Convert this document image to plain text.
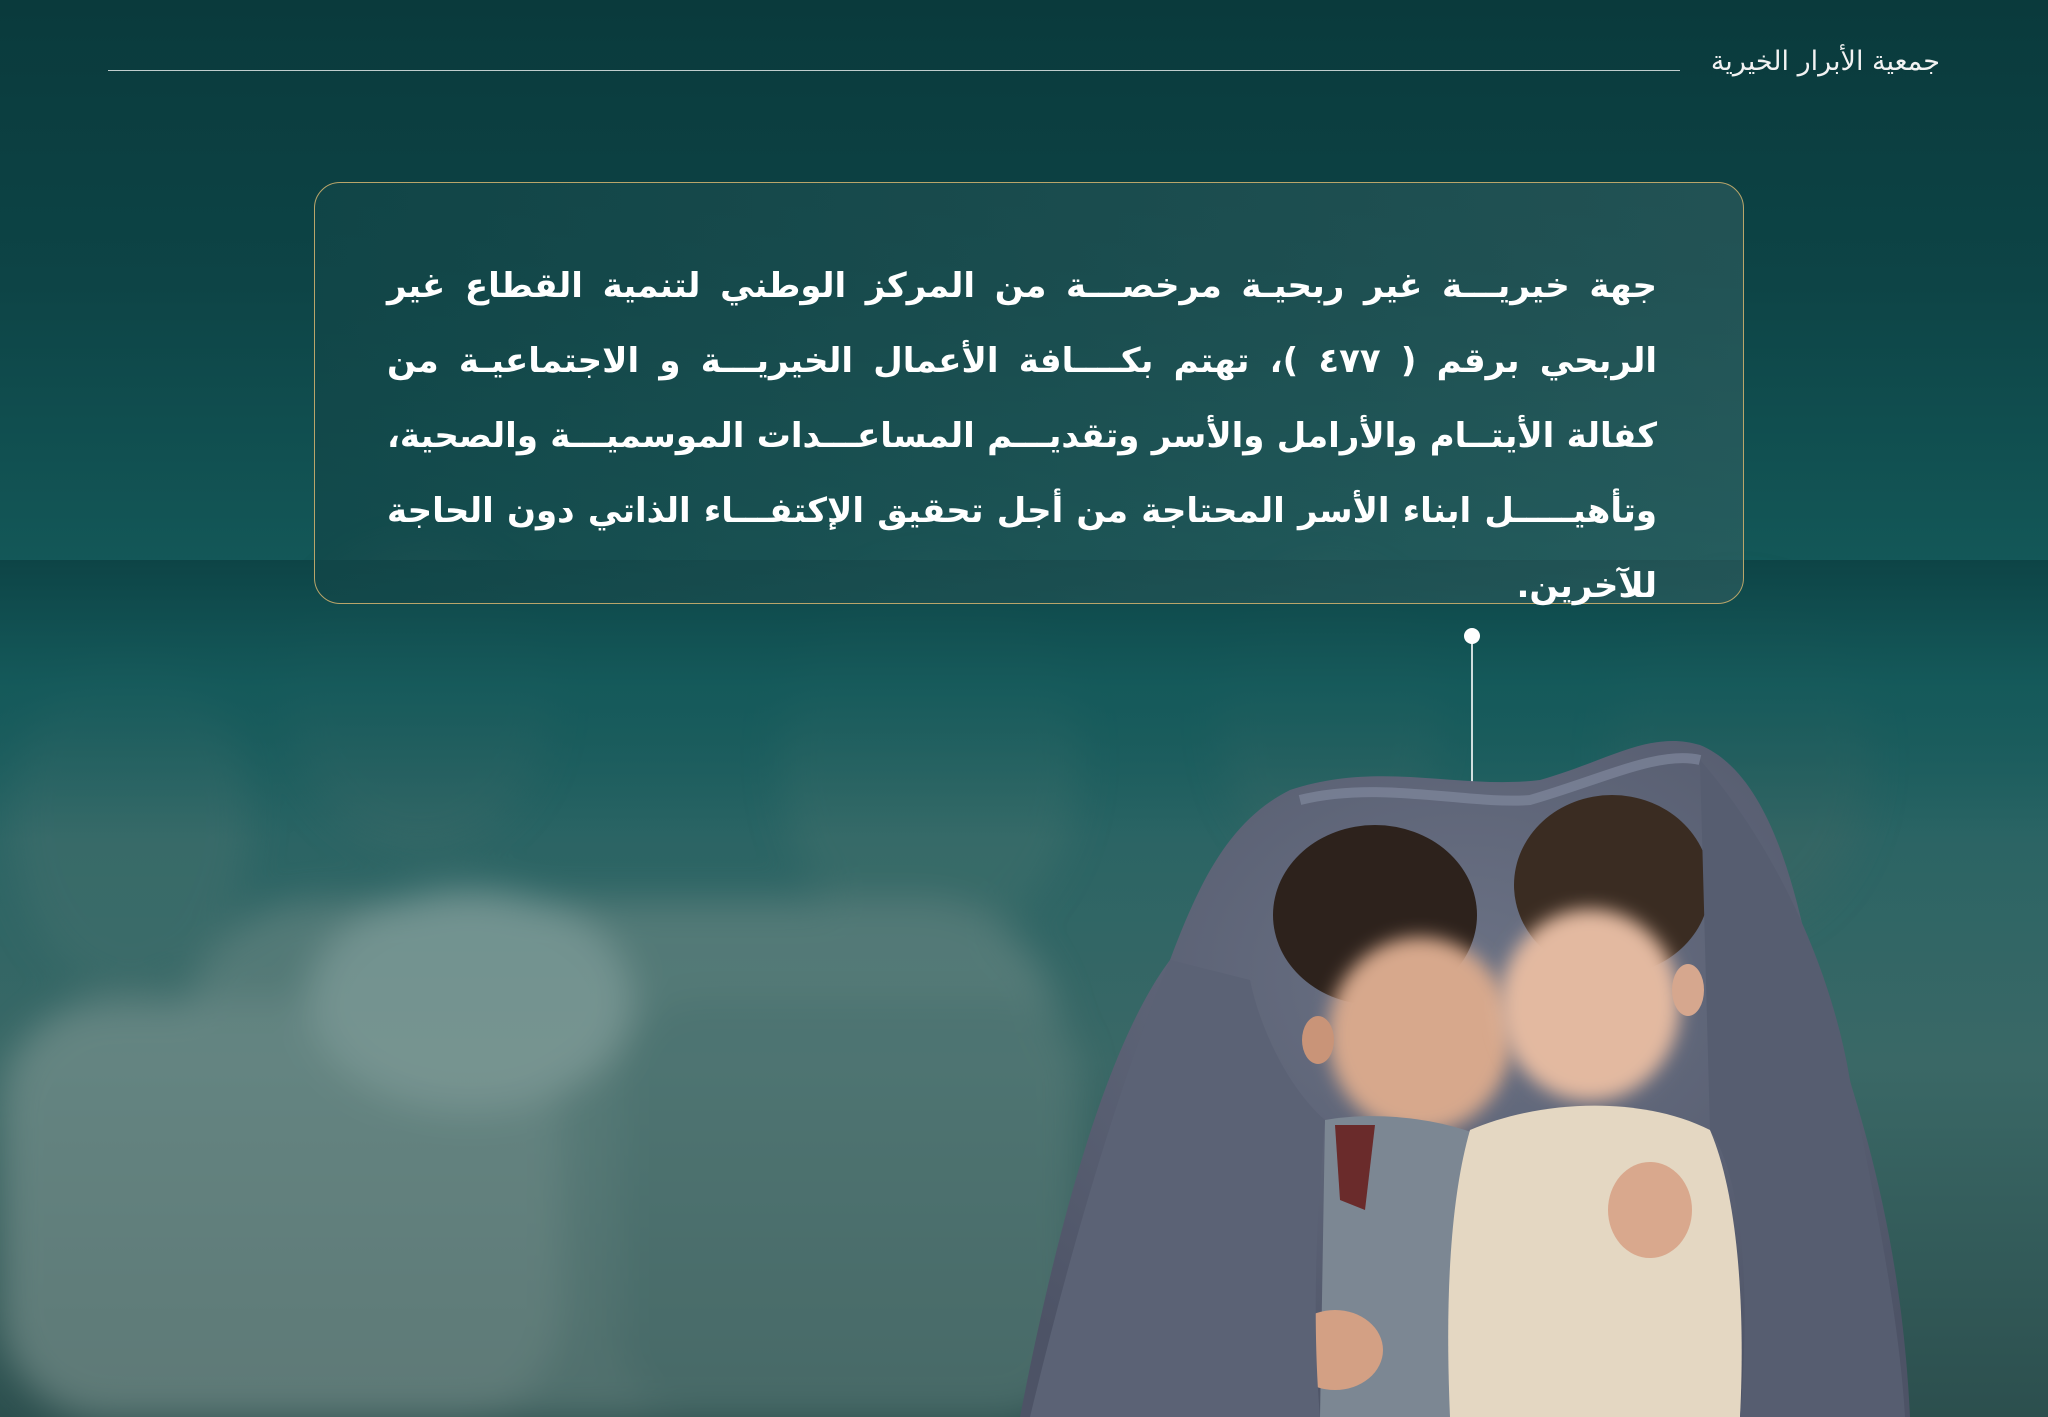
جمعية الأبرار الخيرية

جهة خيريـــة غير ربحيـة مرخصـــة من المركز الوطني لتنمية القطاع غير الربحي برقم ( ٤٧٧ )، تهتم بكــــافة الأعمال الخيريـــة و الاجتماعيـة من كفالة الأيتــام والأرامل والأسر وتقديـــم المساعـــدات الموسميـــة والصحية، وتأهيـــــل ابناء الأسر المحتاجة من أجل تحقيق الإكتفـــاء الذاتي دون الحاجة للآخرين.
